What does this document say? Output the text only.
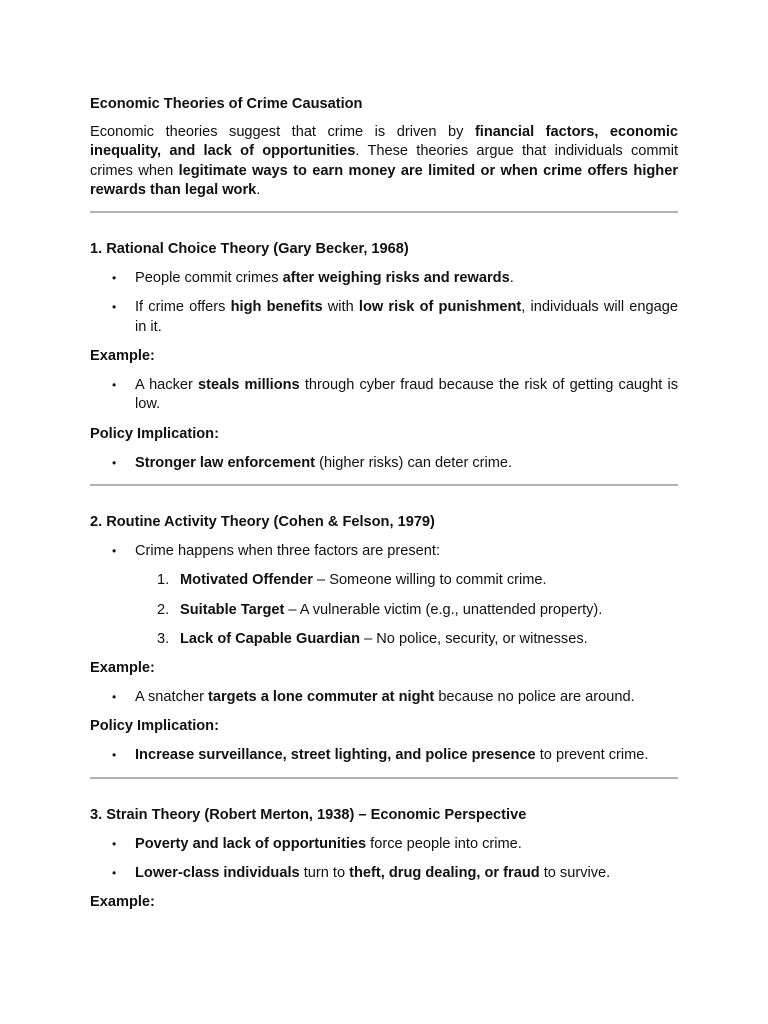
Economic Theories of Crime Causation
Economic theories suggest that crime is driven by financial factors, economic inequality, and lack of opportunities. These theories argue that individuals commit crimes when legitimate ways to earn money are limited or when crime offers higher rewards than legal work.
1. Rational Choice Theory (Gary Becker, 1968)
• People commit crimes after weighing risks and rewards.
• If crime offers high benefits with low risk of punishment, individuals will engage in it.
Example:
• A hacker steals millions through cyber fraud because the risk of getting caught is low.
Policy Implication:
• Stronger law enforcement (higher risks) can deter crime.
2. Routine Activity Theory (Cohen & Felson, 1979)
• Crime happens when three factors are present:
1. Motivated Offender – Someone willing to commit crime.
2. Suitable Target – A vulnerable victim (e.g., unattended property).
3. Lack of Capable Guardian – No police, security, or witnesses.
Example:
• A snatcher targets a lone commuter at night because no police are around.
Policy Implication:
• Increase surveillance, street lighting, and police presence to prevent crime.
3. Strain Theory (Robert Merton, 1938) – Economic Perspective
• Poverty and lack of opportunities force people into crime.
• Lower-class individuals turn to theft, drug dealing, or fraud to survive.
Example:
